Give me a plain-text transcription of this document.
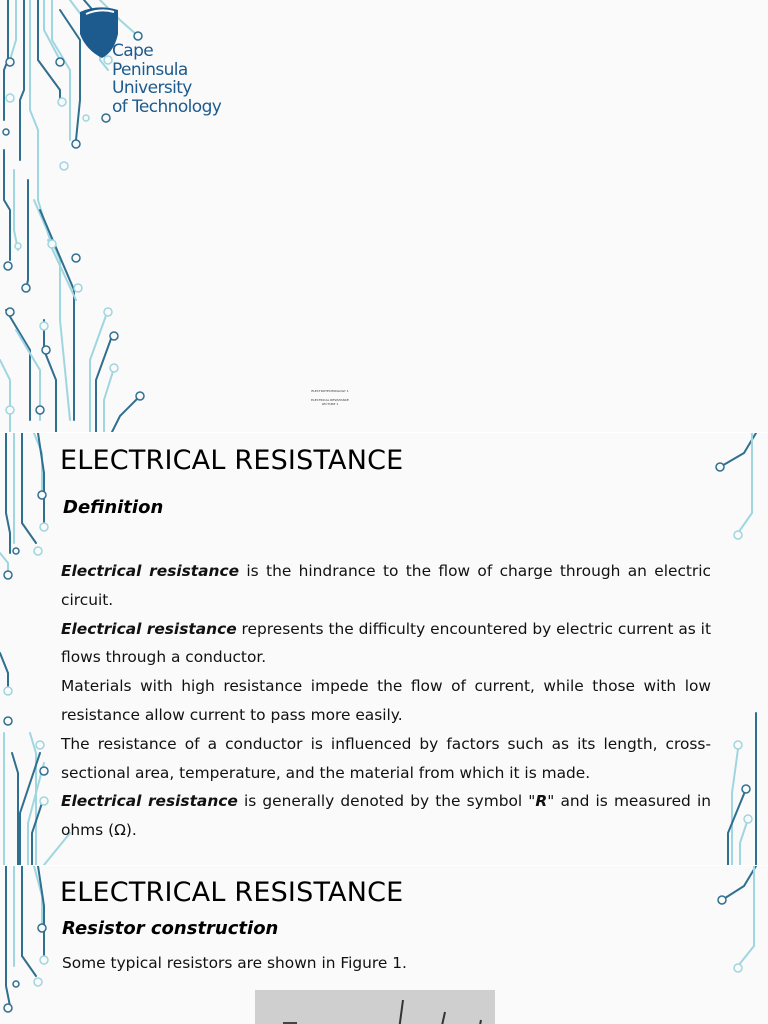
Cape
Peninsula
University
of Technology
ELECTROTECHNOLOGY 1
ELECTRICAL RESISTANCE
LECTURE 1
ELECTRICAL RESISTANCE
Definition

Electrical resistance is the hindrance to the flow of charge through an electric circuit.

Electrical resistance represents the difficulty encountered by electric current as it flows through a conductor.

Materials with high resistance impede the flow of current, while those with low resistance allow current to pass more easily.

The resistance of a conductor is influenced by factors such as its length, cross-sectional area, temperature, and the material from which it is made.

Electrical resistance is generally denoted by the symbol "R" and is measured in ohms (Ω).

ELECTRICAL RESISTANCE
Resistor construction
Some typical resistors are shown in Figure 1.
